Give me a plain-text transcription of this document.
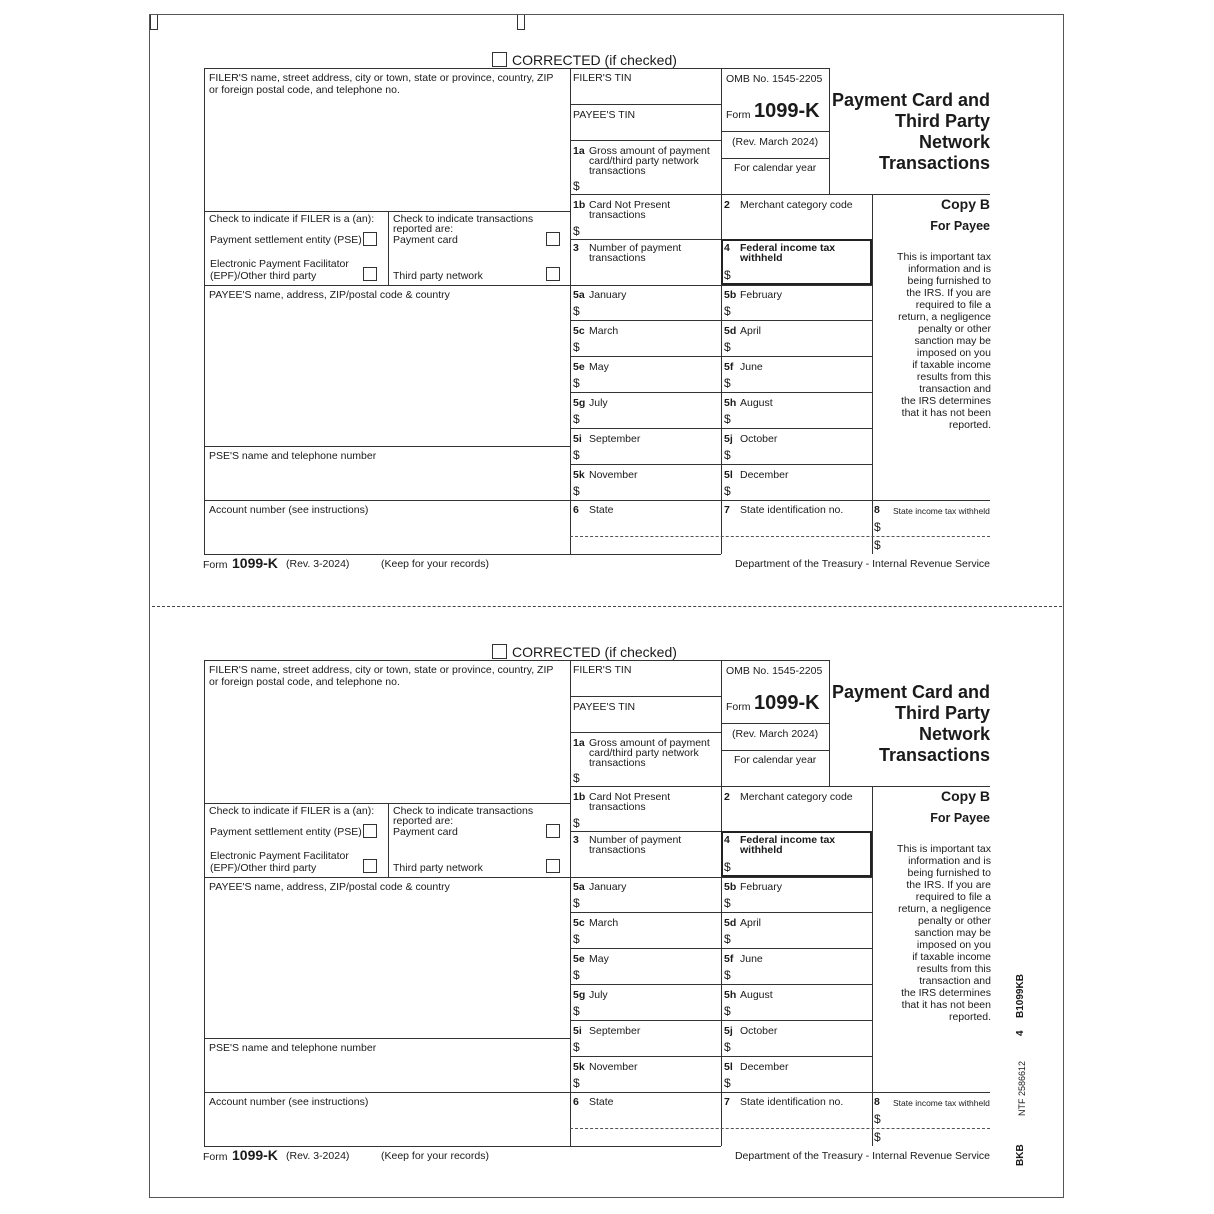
CORRECTED (if checked)
FILER'S name, street address, city or town, state or province, country, ZIP
or foreign postal code, and telephone no.
FILER'S TIN
PAYEE'S TIN
OMB No. 1545-2205
Form 1099-K
(Rev. March 2024)
For calendar year
Payment Card and
Third Party
Network
Transactions
1a Gross amount of payment
card/third party network
transactions
$
1b Card Not Present
transactions
$
2 Merchant category code
3 Number of payment
transactions
4 Federal income tax
withheld
$
Copy B
For Payee
This is important tax
information and is
being furnished to
the IRS. If you are
required to file a
return, a negligence
penalty or other
sanction may be
imposed on you
if taxable income
results from this
transaction and
the IRS determines
that it has not been
reported.
Check to indicate if FILER is a (an):
Payment settlement entity (PSE)
Electronic Payment Facilitator
(EPF)/Other third party
Check to indicate transactions
reported are:
Payment card
Third party network
PAYEE'S name, address, ZIP/postal code & country
PSE'S name and telephone number
Account number (see instructions)
5a January
$
5b February
$
5c March
$
5d April
$
5e May
$
5f June
$
5g July
$
5h August
$
5i September
$
5j October
$
5k November
$
5l December
$
6 State	7 State identification no.	8 State income tax withheld
$
$
Form 1099-K (Rev. 3-2024)	(Keep for your records)	Department of the Treasury - Internal Revenue Service
CORRECTED (if checked)
FILER'S name, street address, city or town, state or province, country, ZIP
or foreign postal code, and telephone no.
FILER'S TIN
PAYEE'S TIN
OMB No. 1545-2205
Form 1099-K
(Rev. March 2024)
For calendar year
Payment Card and
Third Party
Network
Transactions
1a Gross amount of payment
card/third party network
transactions
$
1b Card Not Present
transactions
$
2 Merchant category code
3 Number of payment
transactions
4 Federal income tax
withheld
$
Copy B
For Payee
This is important tax
information and is
being furnished to
the IRS. If you are
required to file a
return, a negligence
penalty or other
sanction may be
imposed on you
if taxable income
results from this
transaction and
the IRS determines
that it has not been
reported.
Check to indicate if FILER is a (an):
Payment settlement entity (PSE)
Electronic Payment Facilitator
(EPF)/Other third party
Check to indicate transactions
reported are:
Payment card
Third party network
PAYEE'S name, address, ZIP/postal code & country
PSE'S name and telephone number
Account number (see instructions)
5a January
$
5b February
$
5c March
$
5d April
$
5e May
$
5f June
$
5g July
$
5h August
$
5i September
$
5j October
$
5k November
$
5l December
$
6 State	7 State identification no.	8 State income tax withheld
$
$
Form 1099-K (Rev. 3-2024)	(Keep for your records)	Department of the Treasury - Internal Revenue Service	BKB
NTF 2586612
4
B1099KB
